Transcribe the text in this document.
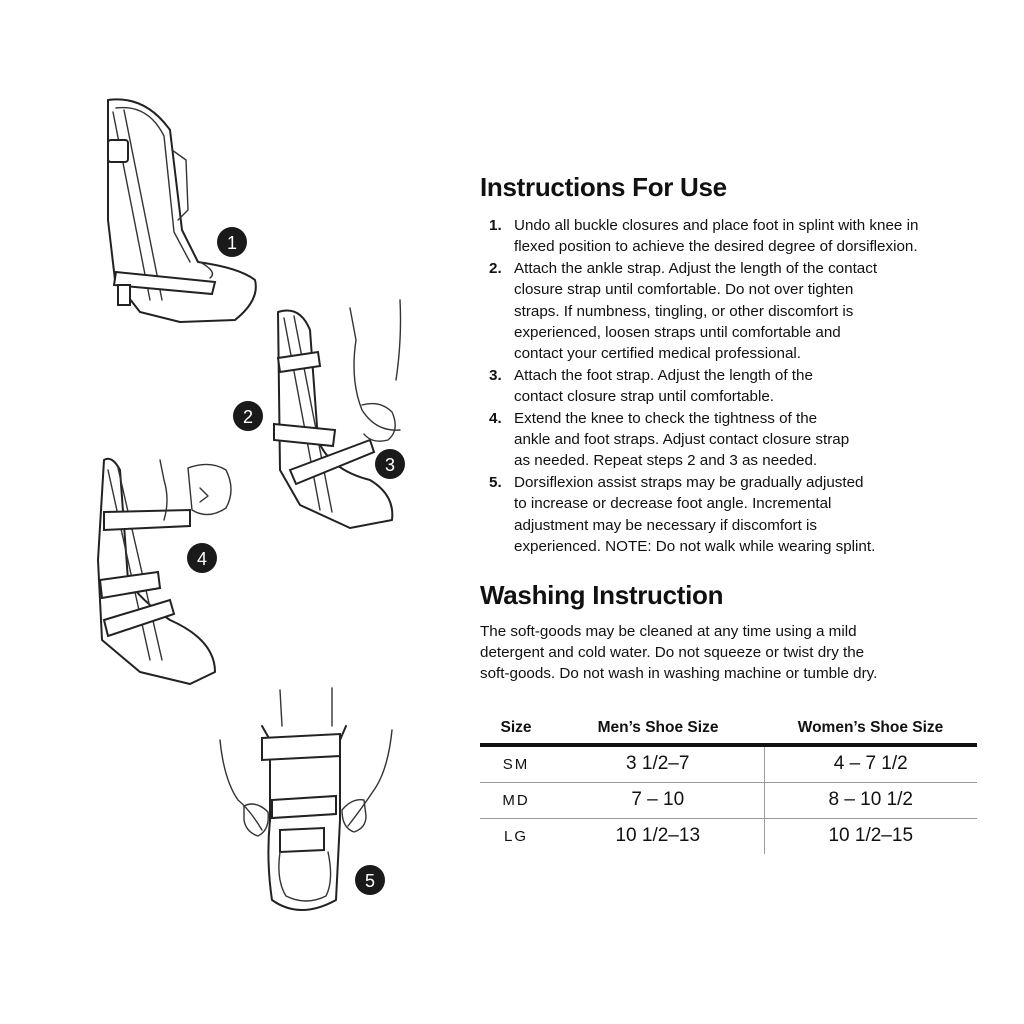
1
2
3
4
5
Instructions For Use
1. Undo all buckle closures and place foot in splint with knee in
flexed position to achieve the desired degree of dorsiflexion.
2. Attach the ankle strap. Adjust the length of the contact
closure strap until comfortable. Do not over tighten
straps. If numbness, tingling, or other discomfort is
experienced, loosen straps until comfortable and
contact your certified medical professional.
3. Attach the foot strap. Adjust the length of the
contact closure strap until comfortable.
4. Extend the knee to check the tightness of the
ankle and foot straps. Adjust contact closure strap
as needed. Repeat steps 2 and 3 as needed.
5. Dorsiflexion assist straps may be gradually adjusted
to increase or decrease foot angle. Incremental
adjustment may be necessary if discomfort is
experienced. NOTE: Do not walk while wearing splint.
Washing Instruction

The soft-goods may be cleaned at any time using a mild
detergent and cold water. Do not squeeze or twist dry the
soft-goods. Do not wash in washing machine or tumble dry.

Size	Men’s Shoe Size	Women’s Shoe Size
SM	3 1/2–7	4 – 7 1/2
MD	7 – 10	8 – 10 1/2
LG	10 1/2–13	10 1/2–15
